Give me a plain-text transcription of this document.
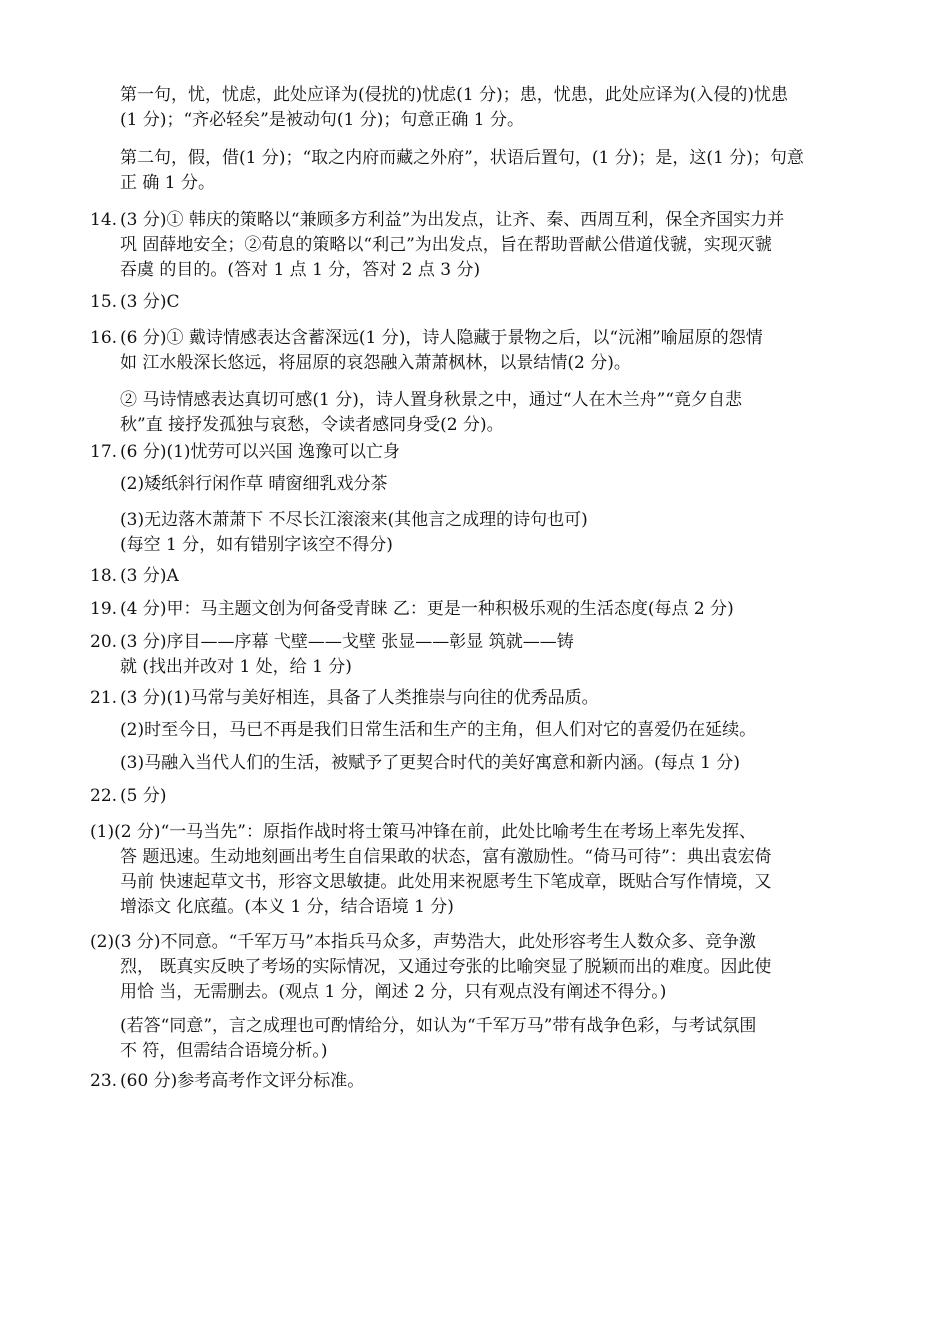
第一句，忧，忧虑，此处应译为(侵扰的)忧虑(1 分)；患，忧患，此处应译为(入侵的)忧患
(1 分)；“齐必轻矣”是被动句(1 分)；句意正确 1 分。

第二句，假，借(1 分)；“取之内府而藏之外府”，状语后置句，(1 分)；是，这(1 分)；句意
正 确 1 分。

14. (3 分)① 韩庆的策略以“兼顾多方利益”为出发点，让齐、秦、西周互利，保全齐国实力并
巩 固薛地安全；②荀息的策略以“利己”为出发点，旨在帮助晋献公借道伐虢，实现灭虢
吞虞 的目的。(答对 1 点 1 分，答对 2 点 3 分)
15. (3 分)C
16. (6 分)① 戴诗情感表达含蓄深远(1 分)，诗人隐藏于景物之后，以“沅湘”喻屈原的怨情
如 江水般深长悠远，将屈原的哀怨融入萧萧枫林，以景结情(2 分)。
② 马诗情感表达真切可感(1 分)，诗人置身秋景之中，通过“人在木兰舟”“竟夕自悲
秋”直 接抒发孤独与哀愁，令读者感同身受(2 分)。
17. (6 分)(1)忧劳可以兴国 逸豫可以亡身
(2)矮纸斜行闲作草 晴窗细乳戏分茶
(3)无边落木萧萧下 不尽长江滚滚来(其他言之成理的诗句也可)
(每空 1 分，如有错别字该空不得分)
18. (3 分)A
19. (4 分)甲：马主题文创为何备受青睐 乙：更是一种积极乐观的生活态度(每点 2 分)
20. (3 分)序目——序幕 弋壁——戈壁 张显——彰显 筑就——铸
就 (找出并改对 1 处，给 1 分)
21. (3 分)(1)马常与美好相连，具备了人类推崇与向往的优秀品质。
(2)时至今日，马已不再是我们日常生活和生产的主角，但人们对它的喜爱仍在延续。
(3)马融入当代人们的生活，被赋予了更契合时代的美好寓意和新内涵。(每点 1 分)
22. (5 分)
(1)(2 分)“一马当先”：原指作战时将士策马冲锋在前，此处比喻考生在考场上率先发挥、
答 题迅速。生动地刻画出考生自信果敢的状态，富有激励性。“倚马可待”：典出袁宏倚
马前 快速起草文书，形容文思敏捷。此处用来祝愿考生下笔成章，既贴合写作情境，又
增添文 化底蕴。(本义 1 分，结合语境 1 分)
(2)(3 分)不同意。“千军万马”本指兵马众多，声势浩大，此处形容考生人数众多、竞争激
烈， 既真实反映了考场的实际情况，又通过夸张的比喻突显了脱颖而出的难度。因此使
用恰 当，无需删去。(观点 1 分，阐述 2 分，只有观点没有阐述不得分。)
(若答“同意”，言之成理也可酌情给分，如认为“千军万马”带有战争色彩，与考试氛围
不 符，但需结合语境分析。)
23. (60 分)参考高考作文评分标准。
